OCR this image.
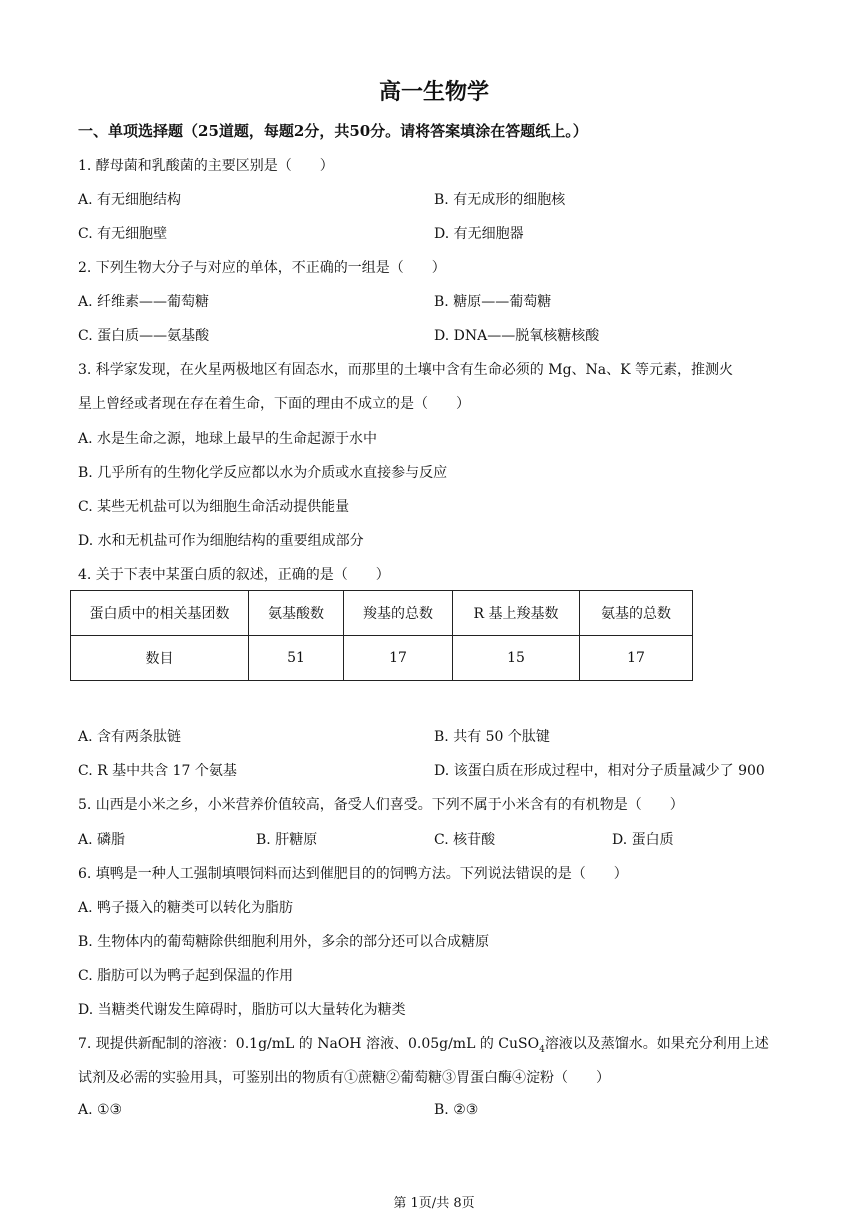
高一生物学
一、单项选择题（25道题，每题2分，共50分。请将答案填涂在答题纸上。）
1. 酵母菌和乳酸菌的主要区别是（　　）
A. 有无细胞结构	B. 有无成形的细胞核
C. 有无细胞壁	D. 有无细胞器
2. 下列生物大分子与对应的单体，不正确的一组是（　　）
A. 纤维素——葡萄糖	B. 糖原——葡萄糖
C. 蛋白质——氨基酸	D. DNA——脱氧核糖核酸
3. 科学家发现，在火星两极地区有固态水，而那里的土壤中含有生命必须的 Mg、Na、K 等元素，推测火
星上曾经或者现在存在着生命，下面的理由不成立的是（　　）
A. 水是生命之源，地球上最早的生命起源于水中
B. 几乎所有的生物化学反应都以水为介质或水直接参与反应
C. 某些无机盐可以为细胞生命活动提供能量
D. 水和无机盐可作为细胞结构的重要组成部分
4. 关于下表中某蛋白质的叙述，正确的是（　　）
蛋白质中的相关基团数	氨基酸数	羧基的总数	R 基上羧基数	氨基的总数
数目	51	17	15	17
A. 含有两条肽链	B. 共有 50 个肽键
C. R 基中共含 17 个氨基	D. 该蛋白质在形成过程中，相对分子质量减少了 900
5. 山西是小米之乡，小米营养价值较高，备受人们喜受。下列不属于小米含有的有机物是（　　）
A. 磷脂	B. 肝糖原	C. 核苷酸	D. 蛋白质
6. 填鸭是一种人工强制填喂饲料而达到催肥目的的饲鸭方法。下列说法错误的是（　　）
A. 鸭子摄入的糖类可以转化为脂肪
B. 生物体内的葡萄糖除供细胞利用外，多余的部分还可以合成糖原
C. 脂肪可以为鸭子起到保温的作用
D. 当糖类代谢发生障碍时，脂肪可以大量转化为糖类
7. 现提供新配制的溶液：0.1g/mL 的 NaOH 溶液、0.05g/mL 的 CuSO$_4$溶液以及蒸馏水。如果充分利用上述
试剂及必需的实验用具，可鉴别出的物质有①蔗糖②葡萄糖③胃蛋白酶④淀粉（　　）
A. ①③	B. ②③
第 1页/共 8页
